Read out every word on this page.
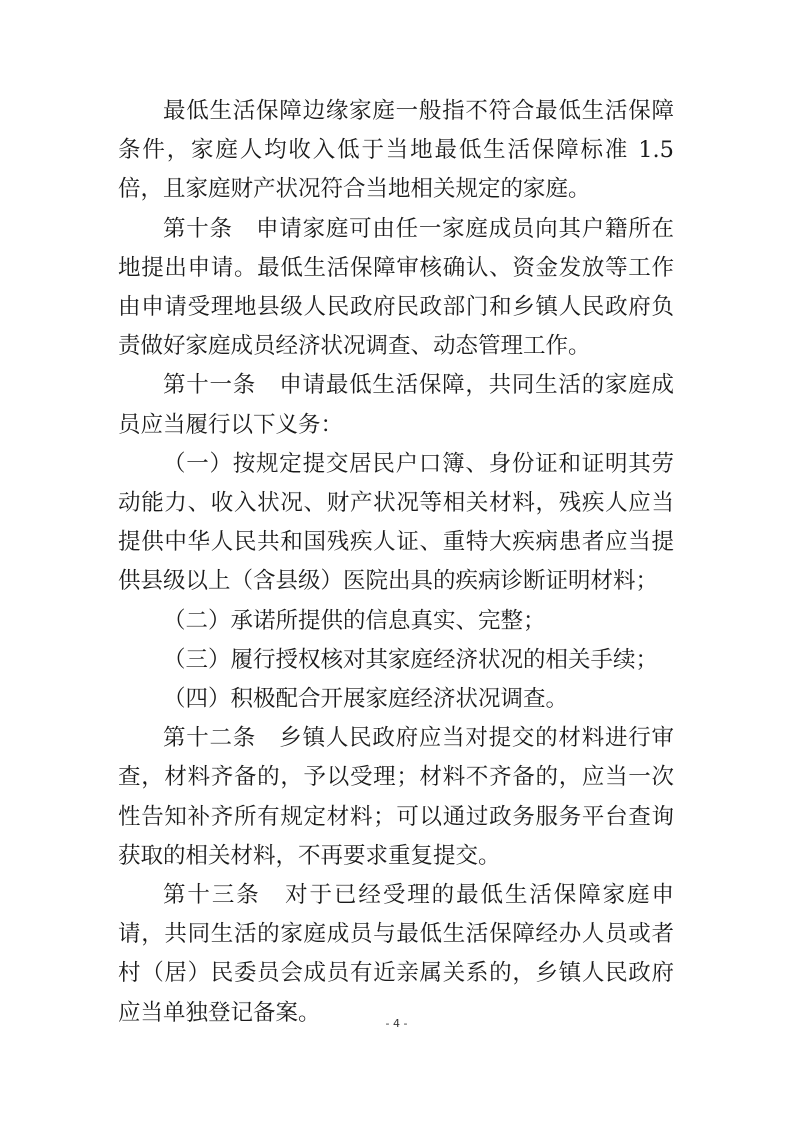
最低生活保障边缘家庭一般指不符合最低生活保障条件，家庭人均收入低于当地最低生活保障标准 1.5 倍，且家庭财产状况符合当地相关规定的家庭。

第十条 申请家庭可由任一家庭成员向其户籍所在地提出申请。最低生活保障审核确认、资金发放等工作由申请受理地县级人民政府民政部门和乡镇人民政府负责做好家庭成员经济状况调查、动态管理工作。

第十一条 申请最低生活保障，共同生活的家庭成员应当履行以下义务：

（一）按规定提交居民户口簿、身份证和证明其劳动能力、收入状况、财产状况等相关材料，残疾人应当提供中华人民共和国残疾人证、重特大疾病患者应当提供县级以上（含县级）医院出具的疾病诊断证明材料；

（二）承诺所提供的信息真实、完整；

（三）履行授权核对其家庭经济状况的相关手续；

（四）积极配合开展家庭经济状况调查。

第十二条 乡镇人民政府应当对提交的材料进行审查，材料齐备的，予以受理；材料不齐备的，应当一次性告知补齐所有规定材料；可以通过政务服务平台查询获取的相关材料，不再要求重复提交。

第十三条 对于已经受理的最低生活保障家庭申请，共同生活的家庭成员与最低生活保障经办人员或者村（居）民委员会成员有近亲属关系的，乡镇人民政府应当单独登记备案。	- 4 -
